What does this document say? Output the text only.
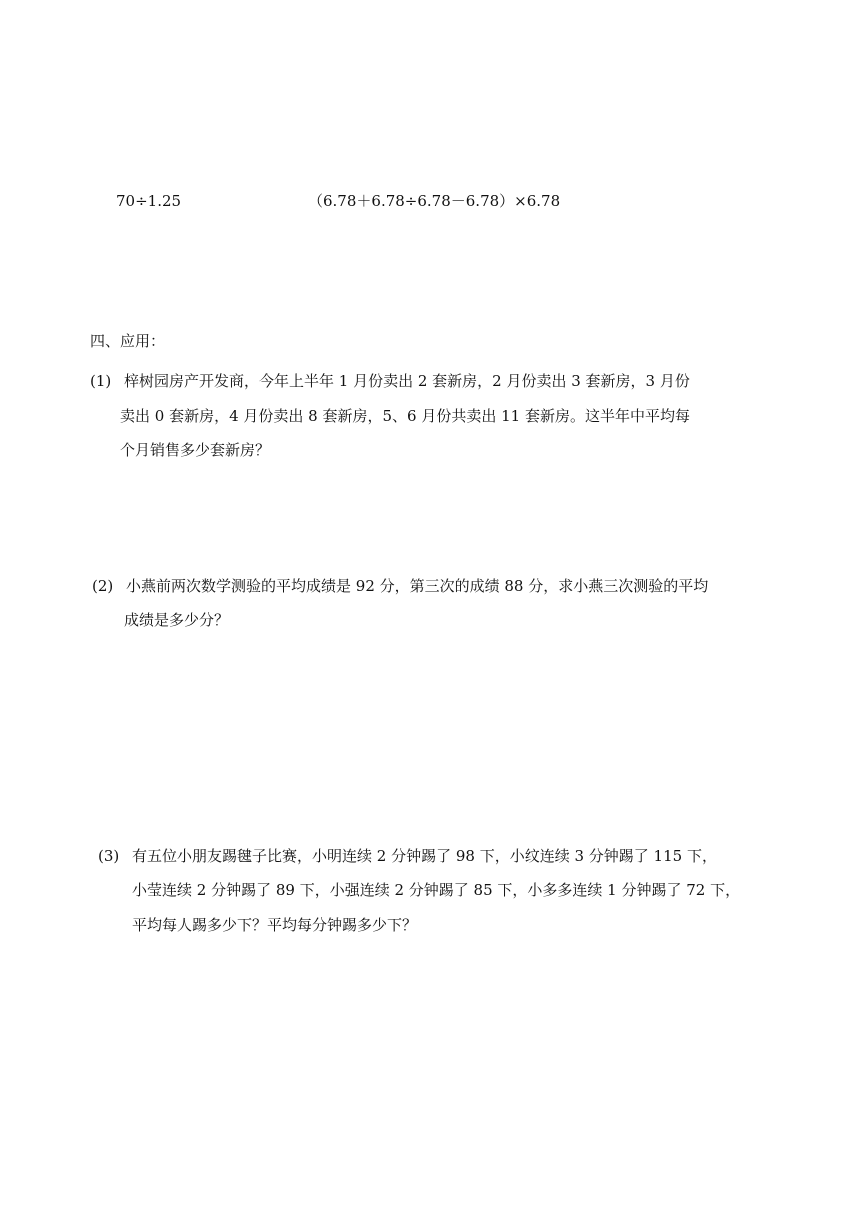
70÷1.25	（6.78＋6.78÷6.78－6.78）×6.78
四、应用：
(1) 梓树园房产开发商，今年上半年 1 月份卖出 2 套新房，2 月份卖出 3 套新房，3 月份
卖出 0 套新房，4 月份卖出 8 套新房，5、6 月份共卖出 11 套新房。这半年中平均每
个月销售多少套新房？
(2) 小燕前两次数学测验的平均成绩是 92 分，第三次的成绩 88 分，求小燕三次测验的平均
成绩是多少分？
(3) 有五位小朋友踢毽子比赛，小明连续 2 分钟踢了 98 下，小纹连续 3 分钟踢了 115 下，
小莹连续 2 分钟踢了 89 下，小强连续 2 分钟踢了 85 下，小多多连续 1 分钟踢了 72 下，
平均每人踢多少下？平均每分钟踢多少下？
